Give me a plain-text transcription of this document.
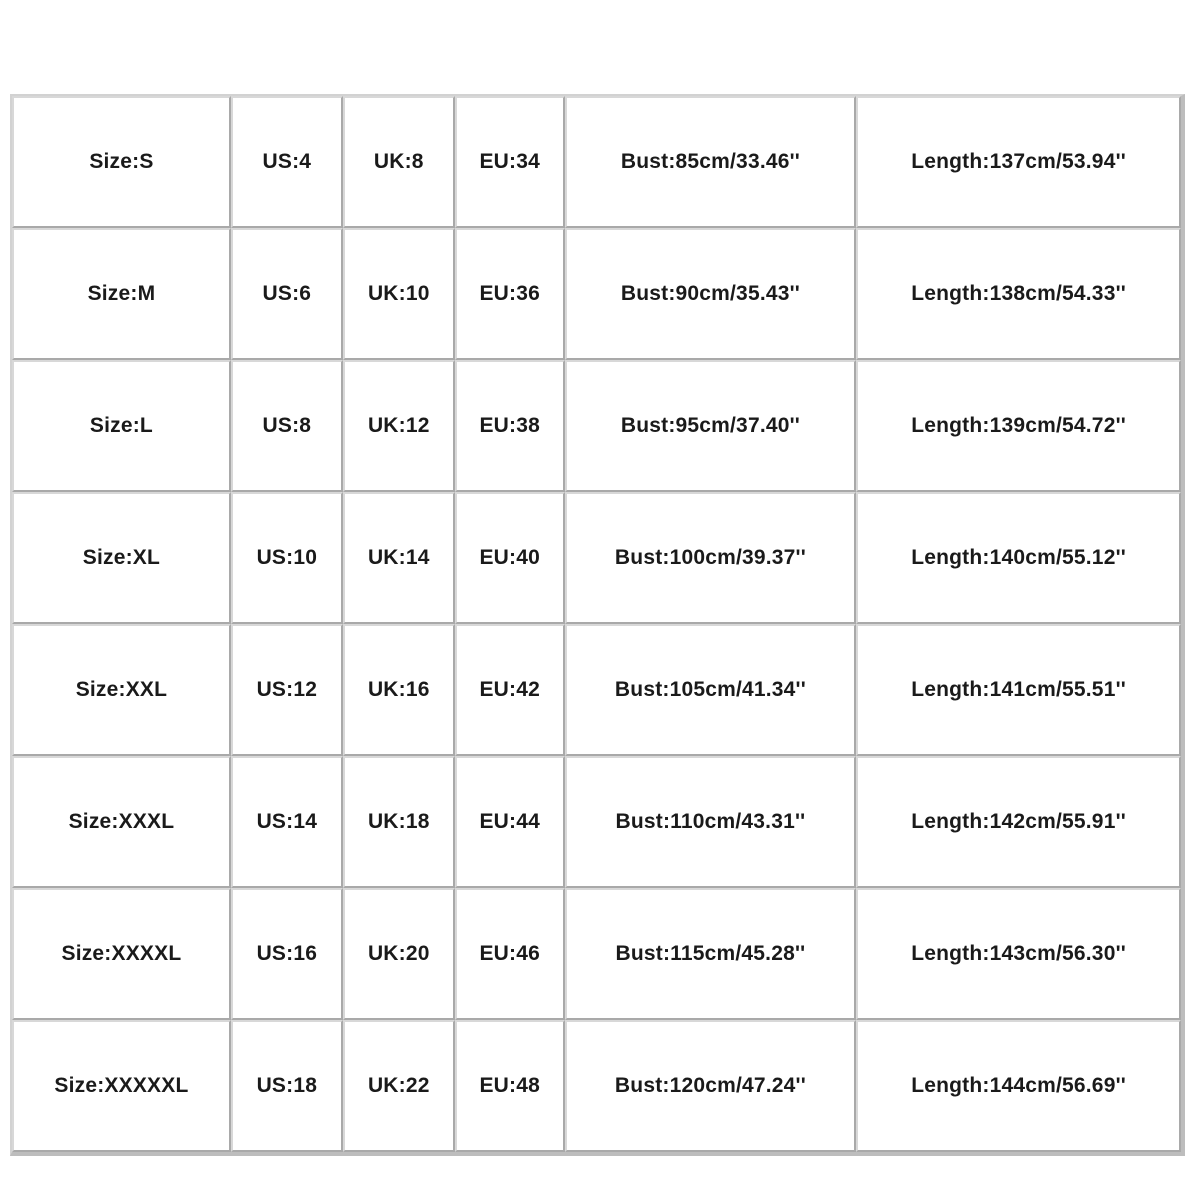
Size:S	US:4	UK:8	EU:34	Bust:85cm/33.46''	Length:137cm/53.94''
Size:M	US:6	UK:10	EU:36	Bust:90cm/35.43''	Length:138cm/54.33''
Size:L	US:8	UK:12	EU:38	Bust:95cm/37.40''	Length:139cm/54.72''
Size:XL	US:10	UK:14	EU:40	Bust:100cm/39.37''	Length:140cm/55.12''
Size:XXL	US:12	UK:16	EU:42	Bust:105cm/41.34''	Length:141cm/55.51''
Size:XXXL	US:14	UK:18	EU:44	Bust:110cm/43.31''	Length:142cm/55.91''
Size:XXXXL	US:16	UK:20	EU:46	Bust:115cm/45.28''	Length:143cm/56.30''
Size:XXXXXL	US:18	UK:22	EU:48	Bust:120cm/47.24''	Length:144cm/56.69''
